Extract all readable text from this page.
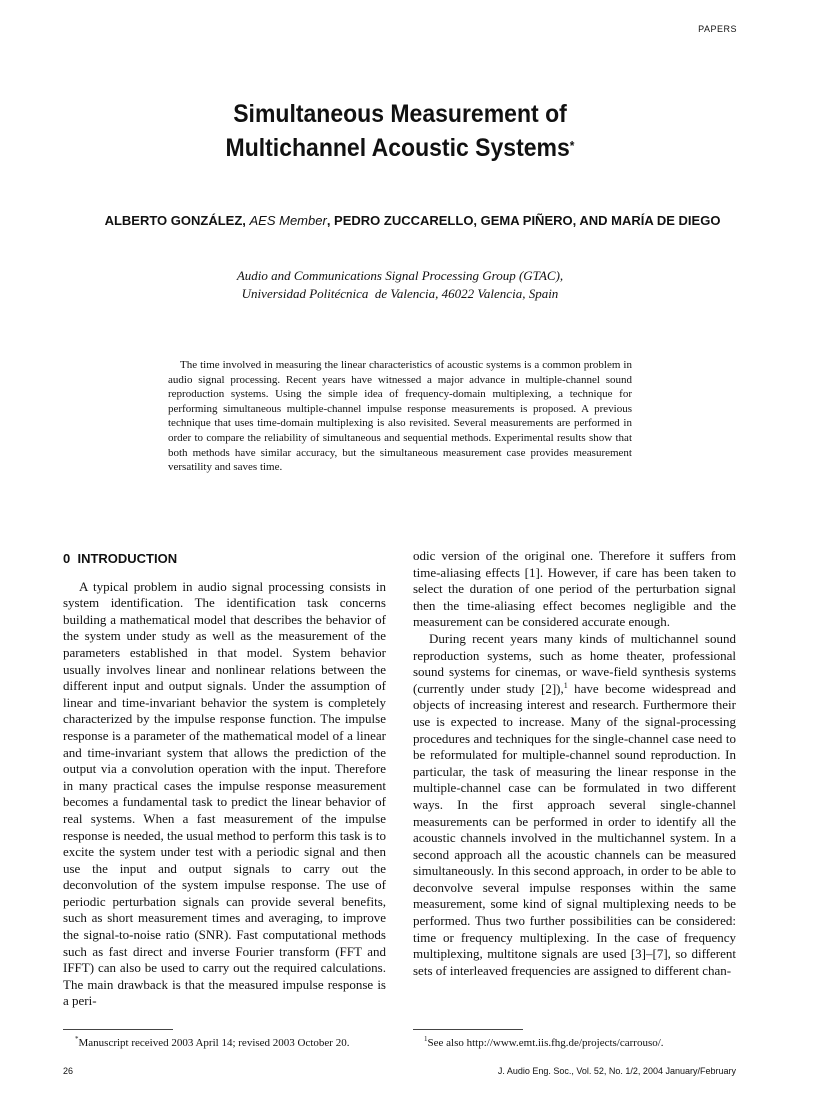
PAPERS
Simultaneous Measurement of
Multichannel Acoustic Systems*
ALBERTO GONZÁLEZ, AES Member, PEDRO ZUCCARELLO, GEMA PIÑERO, AND MARÍA DE DIEGO
Audio and Communications Signal Processing Group (GTAC),
Universidad Politécnica  de Valencia, 46022 Valencia, Spain

The time involved in measuring the linear characteristics of acoustic systems is a common problem in audio signal processing. Recent years have witnessed a major advance in multiple-channel sound reproduction systems. Using the simple idea of frequency-domain multiplexing, a technique for performing simultaneous multiple-channel impulse response measurements is proposed. A previous technique that uses time-domain multiplexing is also revisited. Several measurements are performed in order to compare the reliability of simultaneous and sequential methods. Experimental results show that both methods have similar accuracy, but the simultaneous measurement case provides measurement versatility and saves time.

0  INTRODUCTION

A typical problem in audio signal processing consists in system identification. The identification task concerns building a mathematical model that describes the behavior of the system under study as well as the measurement of the parameters established in that model. System behavior usually involves linear and nonlinear relations between the different input and output signals. Under the assumption of linear and time-invariant behavior the system is completely characterized by the impulse response function. The impulse response is a parameter of the mathematical model of a linear and time-invariant system that allows the prediction of the output via a convolution operation with the input. Therefore in many practical cases the impulse response measurement becomes a fundamental task to predict the linear behavior of real systems. When a fast measurement of the impulse response is needed, the usual method to perform this task is to excite the system under test with a periodic signal and then use the input and output signals to carry out the deconvolution of the system impulse response. The use of periodic perturbation signals can provide several benefits, such as short measurement times and averaging, to improve the signal-to-noise ratio (SNR). Fast computational methods such as fast direct and inverse Fourier transform (FFT and IFFT) can also be used to carry out the required calculations. The main drawback is that the measured impulse response is a peri-

odic version of the original one. Therefore it suffers from time-aliasing effects [1]. However, if care has been taken to select the duration of one period of the perturbation signal then the time-aliasing effect becomes negligible and the measurement can be considered accurate enough.

During recent years many kinds of multichannel sound reproduction systems, such as home theater, professional sound systems for cinemas, or wave-field synthesis systems (currently under study [2]),$^1$ have become widespread and objects of increasing interest and research. Furthermore their use is expected to increase. Many of the signal-processing procedures and techniques for the single-channel case need to be reformulated for multiple-channel sound reproduction. In particular, the task of measuring the linear response in the multiple-channel case can be formulated in two different ways. In the first approach several single-channel measurements can be performed in order to identify all the acoustic channels involved in the multichannel system. In a second approach all the acoustic channels can be measured simultaneously. In this second approach, in order to be able to deconvolve several impulse responses within the same measurement, some kind of signal multiplexing needs to be performed. Thus two further possibilities can be considered: time or frequency multiplexing. In the case of frequency multiplexing, multitone signals are used [3]–[7], so different sets of interleaved frequencies are assigned to different chan-

*Manuscript received 2003 April 14; revised 2003 October 20.	$^1$See also http://www.emt.iis.fhg.de/projects/carrouso/.
26	J. Audio Eng. Soc., Vol. 52, No. 1/2, 2004 January/February
